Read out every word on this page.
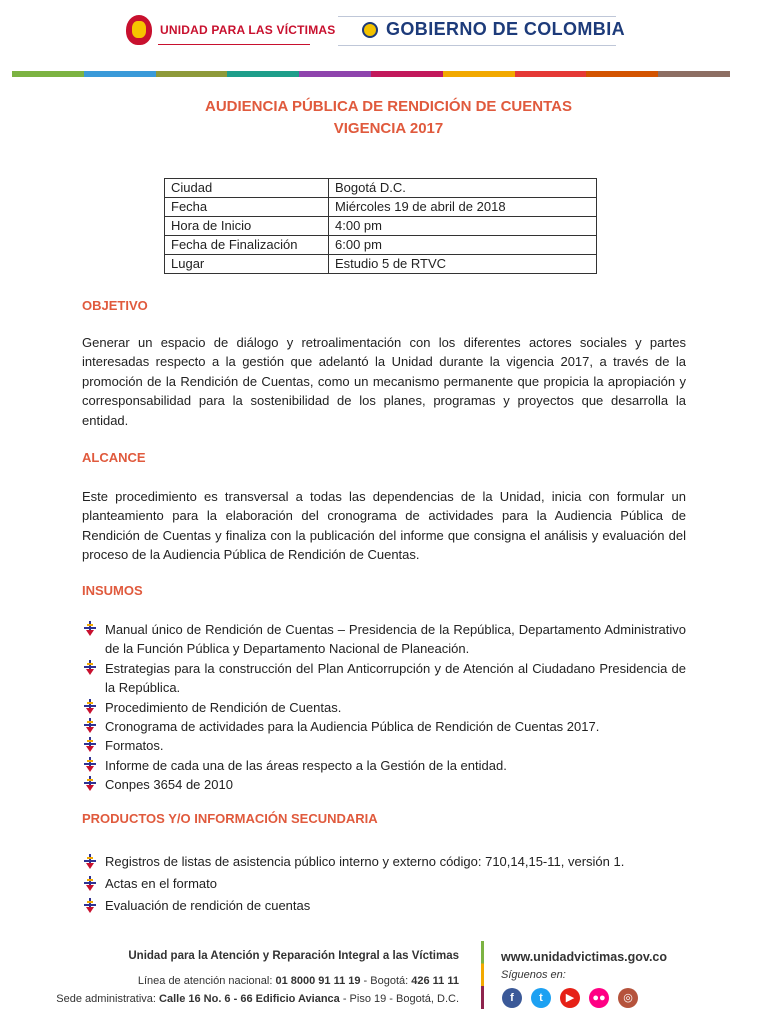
UNIDAD PARA LAS VÍCTIMAS	GOBIERNO DE COLOMBIA
AUDIENCIA PÚBLICA DE RENDICIÓN DE CUENTAS
VIGENCIA 2017
Ciudad	Bogotá D.C.
Fecha	Miércoles 19 de abril de 2018
Hora de Inicio	4:00 pm
Fecha de Finalización	6:00 pm
Lugar	Estudio 5 de RTVC
OBJETIVO
Generar un espacio de diálogo y retroalimentación con los diferentes actores sociales y partes interesadas respecto a la gestión que adelantó la Unidad durante la vigencia 2017, a través de la promoción de la Rendición de Cuentas, como un mecanismo permanente que propicia la apropiación y corresponsabilidad para la sostenibilidad de los planes, programas y proyectos que desarrolla la entidad.
ALCANCE
Este procedimiento es transversal a todas las dependencias de la Unidad, inicia con formular un planteamiento para la elaboración del cronograma de actividades para la Audiencia Pública de Rendición de Cuentas y finaliza con la publicación del informe que consigna el análisis y evaluación del proceso de la Audiencia Pública de Rendición de Cuentas.
INSUMOS
Manual único de Rendición de Cuentas – Presidencia de la República, Departamento Administrativo de la Función Pública y Departamento Nacional de Planeación.
Estrategias para la construcción del Plan Anticorrupción y de Atención al Ciudadano Presidencia de la República.
Procedimiento de Rendición de Cuentas.
Cronograma de actividades para la Audiencia Pública de Rendición de Cuentas 2017.
Formatos.
Informe de cada una de las áreas respecto a la Gestión de la entidad.
Conpes 3654 de 2010
PRODUCTOS Y/O INFORMACIÓN SECUNDARIA
Registros de listas de asistencia público interno y externo código: 710,14,15-11, versión 1.
Actas en el formato
Evaluación de rendición de cuentas
Unidad para la Atención y Reparación Integral a las Víctimas
Línea de atención nacional: 01 8000 91 11 19 - Bogotá: 426 11 11
Sede administrativa: Calle 16 No. 6 - 66 Edificio Avianca - Piso 19 - Bogotá, D.C.
www.unidadvictimas.gov.co
Síguenos en:
f	t	▶	●●	◎
